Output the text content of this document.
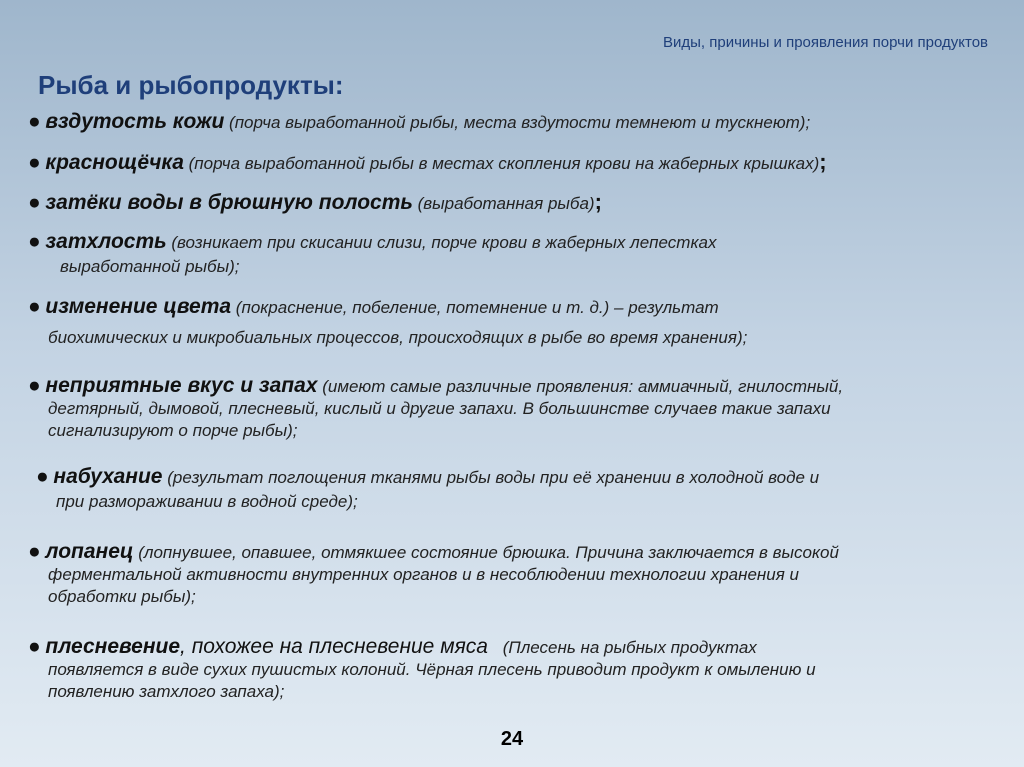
Виды, причины и проявления порчи продуктов
Рыба и рыбопродукты:
● вздутость кожи (порча выработанной рыбы, места вздутости темнеют и тускнеют);
● краснощёчка (порча выработанной рыбы в местах скопления крови на жаберных крышках);
● затёки воды в брюшную полость (выработанная рыба);
● затхлость (возникает при скисании слизи, порче крови в жаберных лепестках
выработанной рыбы);
● изменение цвета (покраснение, побеление, потемнение и т. д.) – результат
биохимических и микробиальных процессов, происходящих в рыбе во время хранения);
● неприятные вкус и запах (имеют самые различные проявления: аммиачный, гнилостный,
дегтярный, дымовой, плесневый, кислый и другие запахи. В большинстве случаев такие запахи
сигнализируют о порче рыбы);
● набухание (результат поглощения тканями рыбы воды при её хранении в холодной воде и
при размораживании в водной среде);
● лопанец (лопнувшее, опавшее, отмякшее состояние брюшка. Причина заключается в высокой
ферментальной активности внутренних органов и в несоблюдении технологии хранения и
обработки рыбы);
● плесневение, похожее на плесневение мяса (Плесень на рыбных продуктах
появляется в виде сухих пушистых колоний. Чёрная плесень приводит продукт к омылению и
появлению затхлого запаха);
24
